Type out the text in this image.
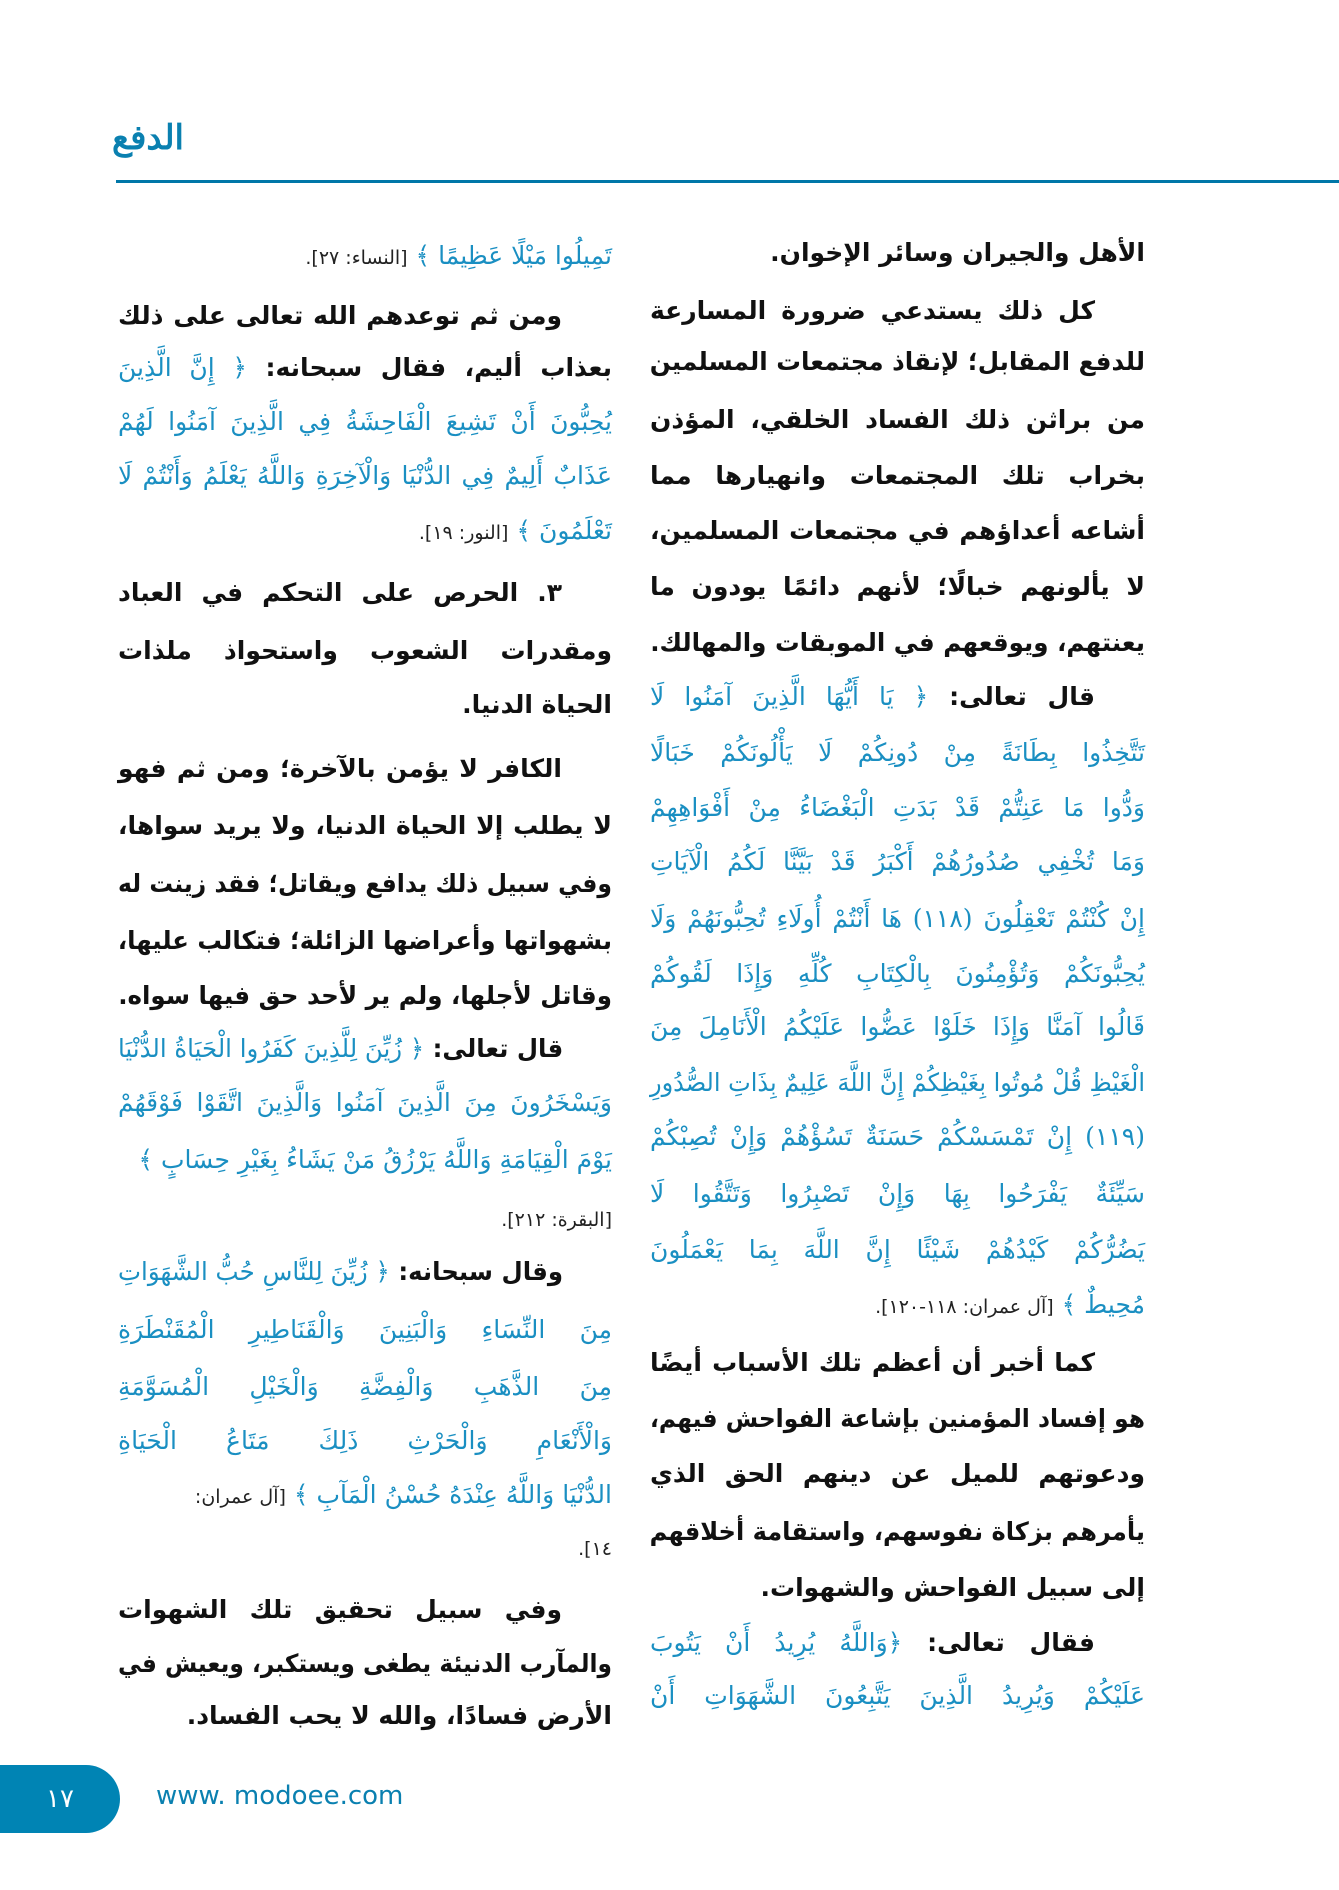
الدفع
الأهل والجيران وسائر الإخوان.
كل ذلك يستدعي ضرورة المسارعة
للدفع المقابل؛ لإنقاذ مجتمعات المسلمين
من براثن ذلك الفساد الخلقي، المؤذن
بخراب تلك المجتمعات وانهيارها مما
أشاعه أعداؤهم في مجتمعات المسلمين،
لا يألونهم خبالًا؛ لأنهم دائمًا يودون ما
يعنتهم، ويوقعهم في الموبقات والمهالك.
قال تعالى: ﴿ يَا أَيُّهَا الَّذِينَ آمَنُوا لَا
تَتَّخِذُوا بِطَانَةً مِنْ دُونِكُمْ لَا يَأْلُونَكُمْ خَبَالًا
وَدُّوا مَا عَنِتُّمْ قَدْ بَدَتِ الْبَغْضَاءُ مِنْ أَفْوَاهِهِمْ
وَمَا تُخْفِي صُدُورُهُمْ أَكْبَرُ قَدْ بَيَّنَّا لَكُمُ الْآيَاتِ
إِنْ كُنْتُمْ تَعْقِلُونَ (١١٨) هَا أَنْتُمْ أُولَاءِ تُحِبُّونَهُمْ وَلَا
يُحِبُّونَكُمْ وَتُؤْمِنُونَ بِالْكِتَابِ كُلِّهِ وَإِذَا لَقُوكُمْ
قَالُوا آمَنَّا وَإِذَا خَلَوْا عَضُّوا عَلَيْكُمُ الْأَنَامِلَ مِنَ
الْغَيْظِ قُلْ مُوتُوا بِغَيْظِكُمْ إِنَّ اللَّهَ عَلِيمٌ بِذَاتِ الصُّدُورِ
(١١٩) إِنْ تَمْسَسْكُمْ حَسَنَةٌ تَسُؤْهُمْ وَإِنْ تُصِبْكُمْ
سَيِّئَةٌ يَفْرَحُوا بِهَا وَإِنْ تَصْبِرُوا وَتَتَّقُوا لَا
يَضُرُّكُمْ كَيْدُهُمْ شَيْئًا إِنَّ اللَّهَ بِمَا يَعْمَلُونَ
مُحِيطٌ ﴾ [آل عمران: ١١٨-١٢٠].
كما أخبر أن أعظم تلك الأسباب أيضًا
هو إفساد المؤمنين بإشاعة الفواحش فيهم،
ودعوتهم للميل عن دينهم الحق الذي
يأمرهم بزكاة نفوسهم، واستقامة أخلاقهم
إلى سبيل الفواحش والشهوات.
فقال تعالى: ﴿وَاللَّهُ يُرِيدُ أَنْ يَتُوبَ
عَلَيْكُمْ وَيُرِيدُ الَّذِينَ يَتَّبِعُونَ الشَّهَوَاتِ أَنْ
تَمِيلُوا مَيْلًا عَظِيمًا ﴾ [النساء: ٢٧].
ومن ثم توعدهم الله تعالى على ذلك
بعذاب أليم، فقال سبحانه: ﴿ إِنَّ الَّذِينَ
يُحِبُّونَ أَنْ تَشِيعَ الْفَاحِشَةُ فِي الَّذِينَ آمَنُوا لَهُمْ
عَذَابٌ أَلِيمٌ فِي الدُّنْيَا وَالْآخِرَةِ وَاللَّهُ يَعْلَمُ وَأَنْتُمْ لَا
تَعْلَمُونَ ﴾ [النور: ١٩].
٣. الحرص على التحكم في العباد
ومقدرات الشعوب واستحواذ ملذات
الحياة الدنيا.
الكافر لا يؤمن بالآخرة؛ ومن ثم فهو
لا يطلب إلا الحياة الدنيا، ولا يريد سواها،
وفي سبيل ذلك يدافع ويقاتل؛ فقد زينت له
بشهواتها وأعراضها الزائلة؛ فتكالب عليها،
وقاتل لأجلها، ولم ير لأحد حق فيها سواه.
قال تعالى: ﴿ زُيِّنَ لِلَّذِينَ كَفَرُوا الْحَيَاةُ الدُّنْيَا
وَيَسْخَرُونَ مِنَ الَّذِينَ آمَنُوا وَالَّذِينَ اتَّقَوْا فَوْقَهُمْ
يَوْمَ الْقِيَامَةِ وَاللَّهُ يَرْزُقُ مَنْ يَشَاءُ بِغَيْرِ حِسَابٍ ﴾
[البقرة: ٢١٢].
وقال سبحانه: ﴿ زُيِّنَ لِلنَّاسِ حُبُّ الشَّهَوَاتِ
مِنَ النِّسَاءِ وَالْبَنِينَ وَالْقَنَاطِيرِ الْمُقَنْطَرَةِ
مِنَ الذَّهَبِ وَالْفِضَّةِ وَالْخَيْلِ الْمُسَوَّمَةِ
وَالْأَنْعَامِ وَالْحَرْثِ ذَلِكَ مَتَاعُ الْحَيَاةِ
الدُّنْيَا وَاللَّهُ عِنْدَهُ حُسْنُ الْمَآبِ ﴾ [آل عمران:
١٤].
وفي سبيل تحقيق تلك الشهوات
والمآرب الدنيئة يطغى ويستكبر، ويعيش في
الأرض فسادًا، والله لا يحب الفساد.
١٧	www. modoee.com
